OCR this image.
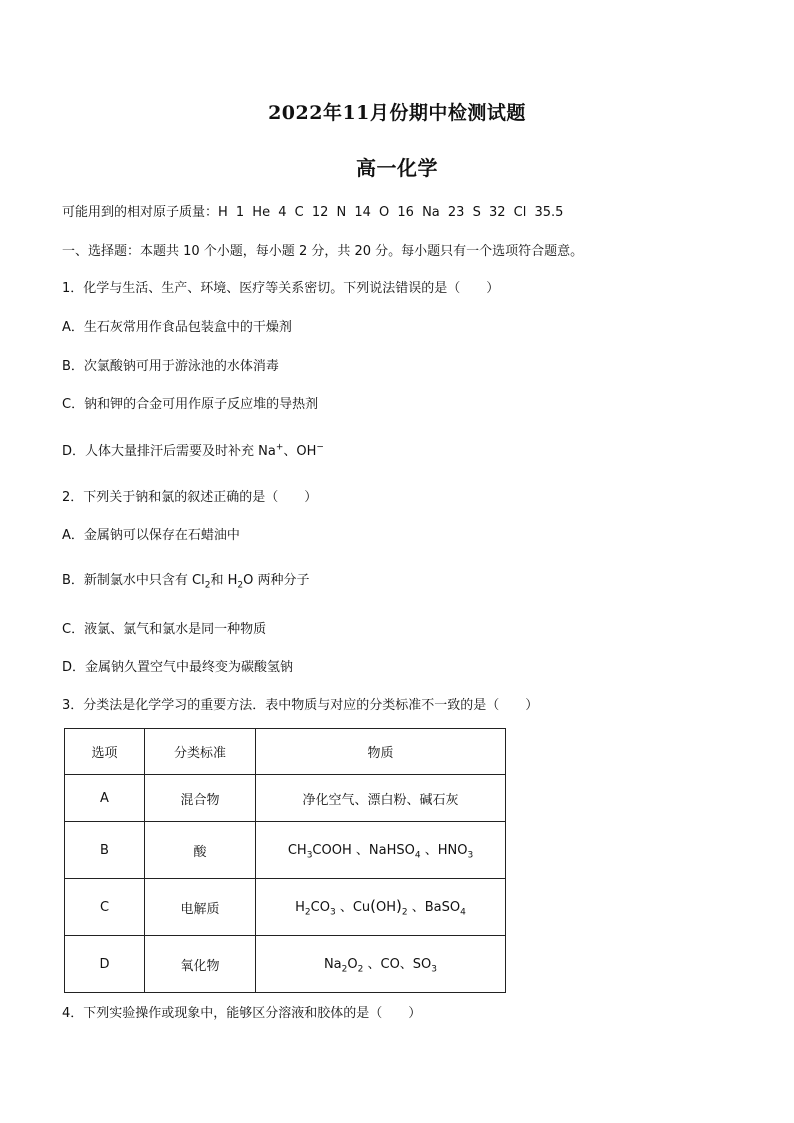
2022年11月份期中检测试题
高一化学
可能用到的相对原子质量：H 1 He 4 C 12 N 14 O 16 Na 23 S 32 Cl 35.5
一、选择题：本题共 10 个小题，每小题 2 分，共 20 分。每小题只有一个选项符合题意。
1．化学与生活、生产、环境、医疗等关系密切。下列说法错误的是（　　）
A．生石灰常用作食品包装盒中的干燥剂
B．次氯酸钠可用于游泳池的水体消毒
C．钠和钾的合金可用作原子反应堆的导热剂
D．人体大量排汗后需要及时补充 Na+、OH−
2．下列关于钠和氯的叙述正确的是（　　）
A．金属钠可以保存在石蜡油中
B．新制氯水中只含有 $Cl_2$和 $H_2O$ 两种分子
C．液氯、氯气和氯水是同一种物质
D．金属钠久置空气中最终变为碳酸氢钠
3．分类法是化学学习的重要方法．表中物质与对应的分类标准不一致的是（　　）
选项	分类标准	物质
A	混合物	净化空气、漂白粉、碱石灰
B	酸	$CH_3COOH$ 、NaHSO$_4$ 、$HNO_3$
C	电解质	$H_2CO_3$ 、$Cu(OH)_2$ 、BaSO$_4$
D	氧化物	$Na_2O_2$ 、CO、$SO_3$
4．下列实验操作或现象中，能够区分溶液和胶体的是（　　）
